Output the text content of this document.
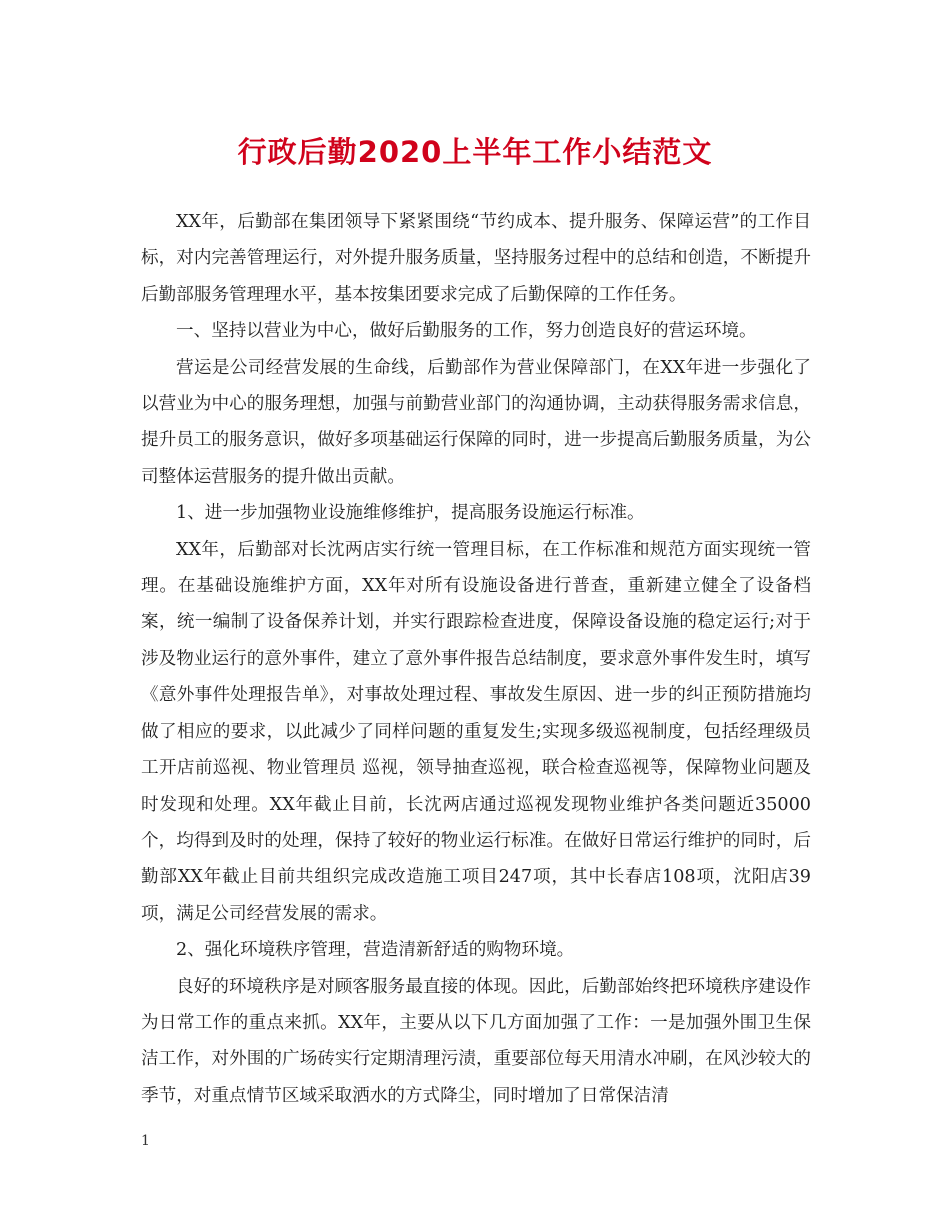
行政后勤2020上半年工作小结范文

XX年，后勤部在集团领导下紧紧围绕“节约成本、提升服务、保障运营”的工作目标，对内完善管理运行，对外提升服务质量，坚持服务过程中的总结和创造，不断提升后勤部服务管理理水平，基本按集团要求完成了后勤保障的工作任务。

一、坚持以营业为中心，做好后勤服务的工作，努力创造良好的营运环境。

营运是公司经营发展的生命线，后勤部作为营业保障部门，在XX年进一步强化了以营业为中心的服务理想，加强与前勤营业部门的沟通协调，主动获得服务需求信息，提升员工的服务意识，做好多项基础运行保障的同时，进一步提高后勤服务质量，为公司整体运营服务的提升做出贡献。

1、进一步加强物业设施维修维护，提高服务设施运行标准。

XX年，后勤部对长沈两店实行统一管理目标，在工作标准和规范方面实现统一管理。在基础设施维护方面，XX年对所有设施设备进行普查，重新建立健全了设备档案，统一编制了设备保养计划，并实行跟踪检查进度，保障设备设施的稳定运行;对于涉及物业运行的意外事件，建立了意外事件报告总结制度，要求意外事件发生时，填写《意外事件处理报告单》，对事故处理过程、事故发生原因、进一步的纠正预防措施均做了相应的要求，以此减少了同样问题的重复发生;实现多级巡视制度，包括经理级员工开店前巡视、物业管理员 巡视，领导抽查巡视，联合检查巡视等，保障物业问题及时发现和处理。XX年截止目前，长沈两店通过巡视发现物业维护各类问题近35000个，均得到及时的处理，保持了较好的物业运行标准。在做好日常运行维护的同时，后勤部XX年截止目前共组织完成改造施工项目247项，其中长春店108项，沈阳店39项，满足公司经营发展的需求。

2、强化环境秩序管理，营造清新舒适的购物环境。

良好的环境秩序是对顾客服务最直接的体现。因此，后勤部始终把环境秩序建设作为日常工作的重点来抓。XX年，主要从以下几方面加强了工作：一是加强外围卫生保洁工作，对外围的广场砖实行定期清理污渍，重要部位每天用清水冲刷，在风沙较大的季节，对重点情节区域采取洒水的方式降尘，同时增加了日常保洁清

1
